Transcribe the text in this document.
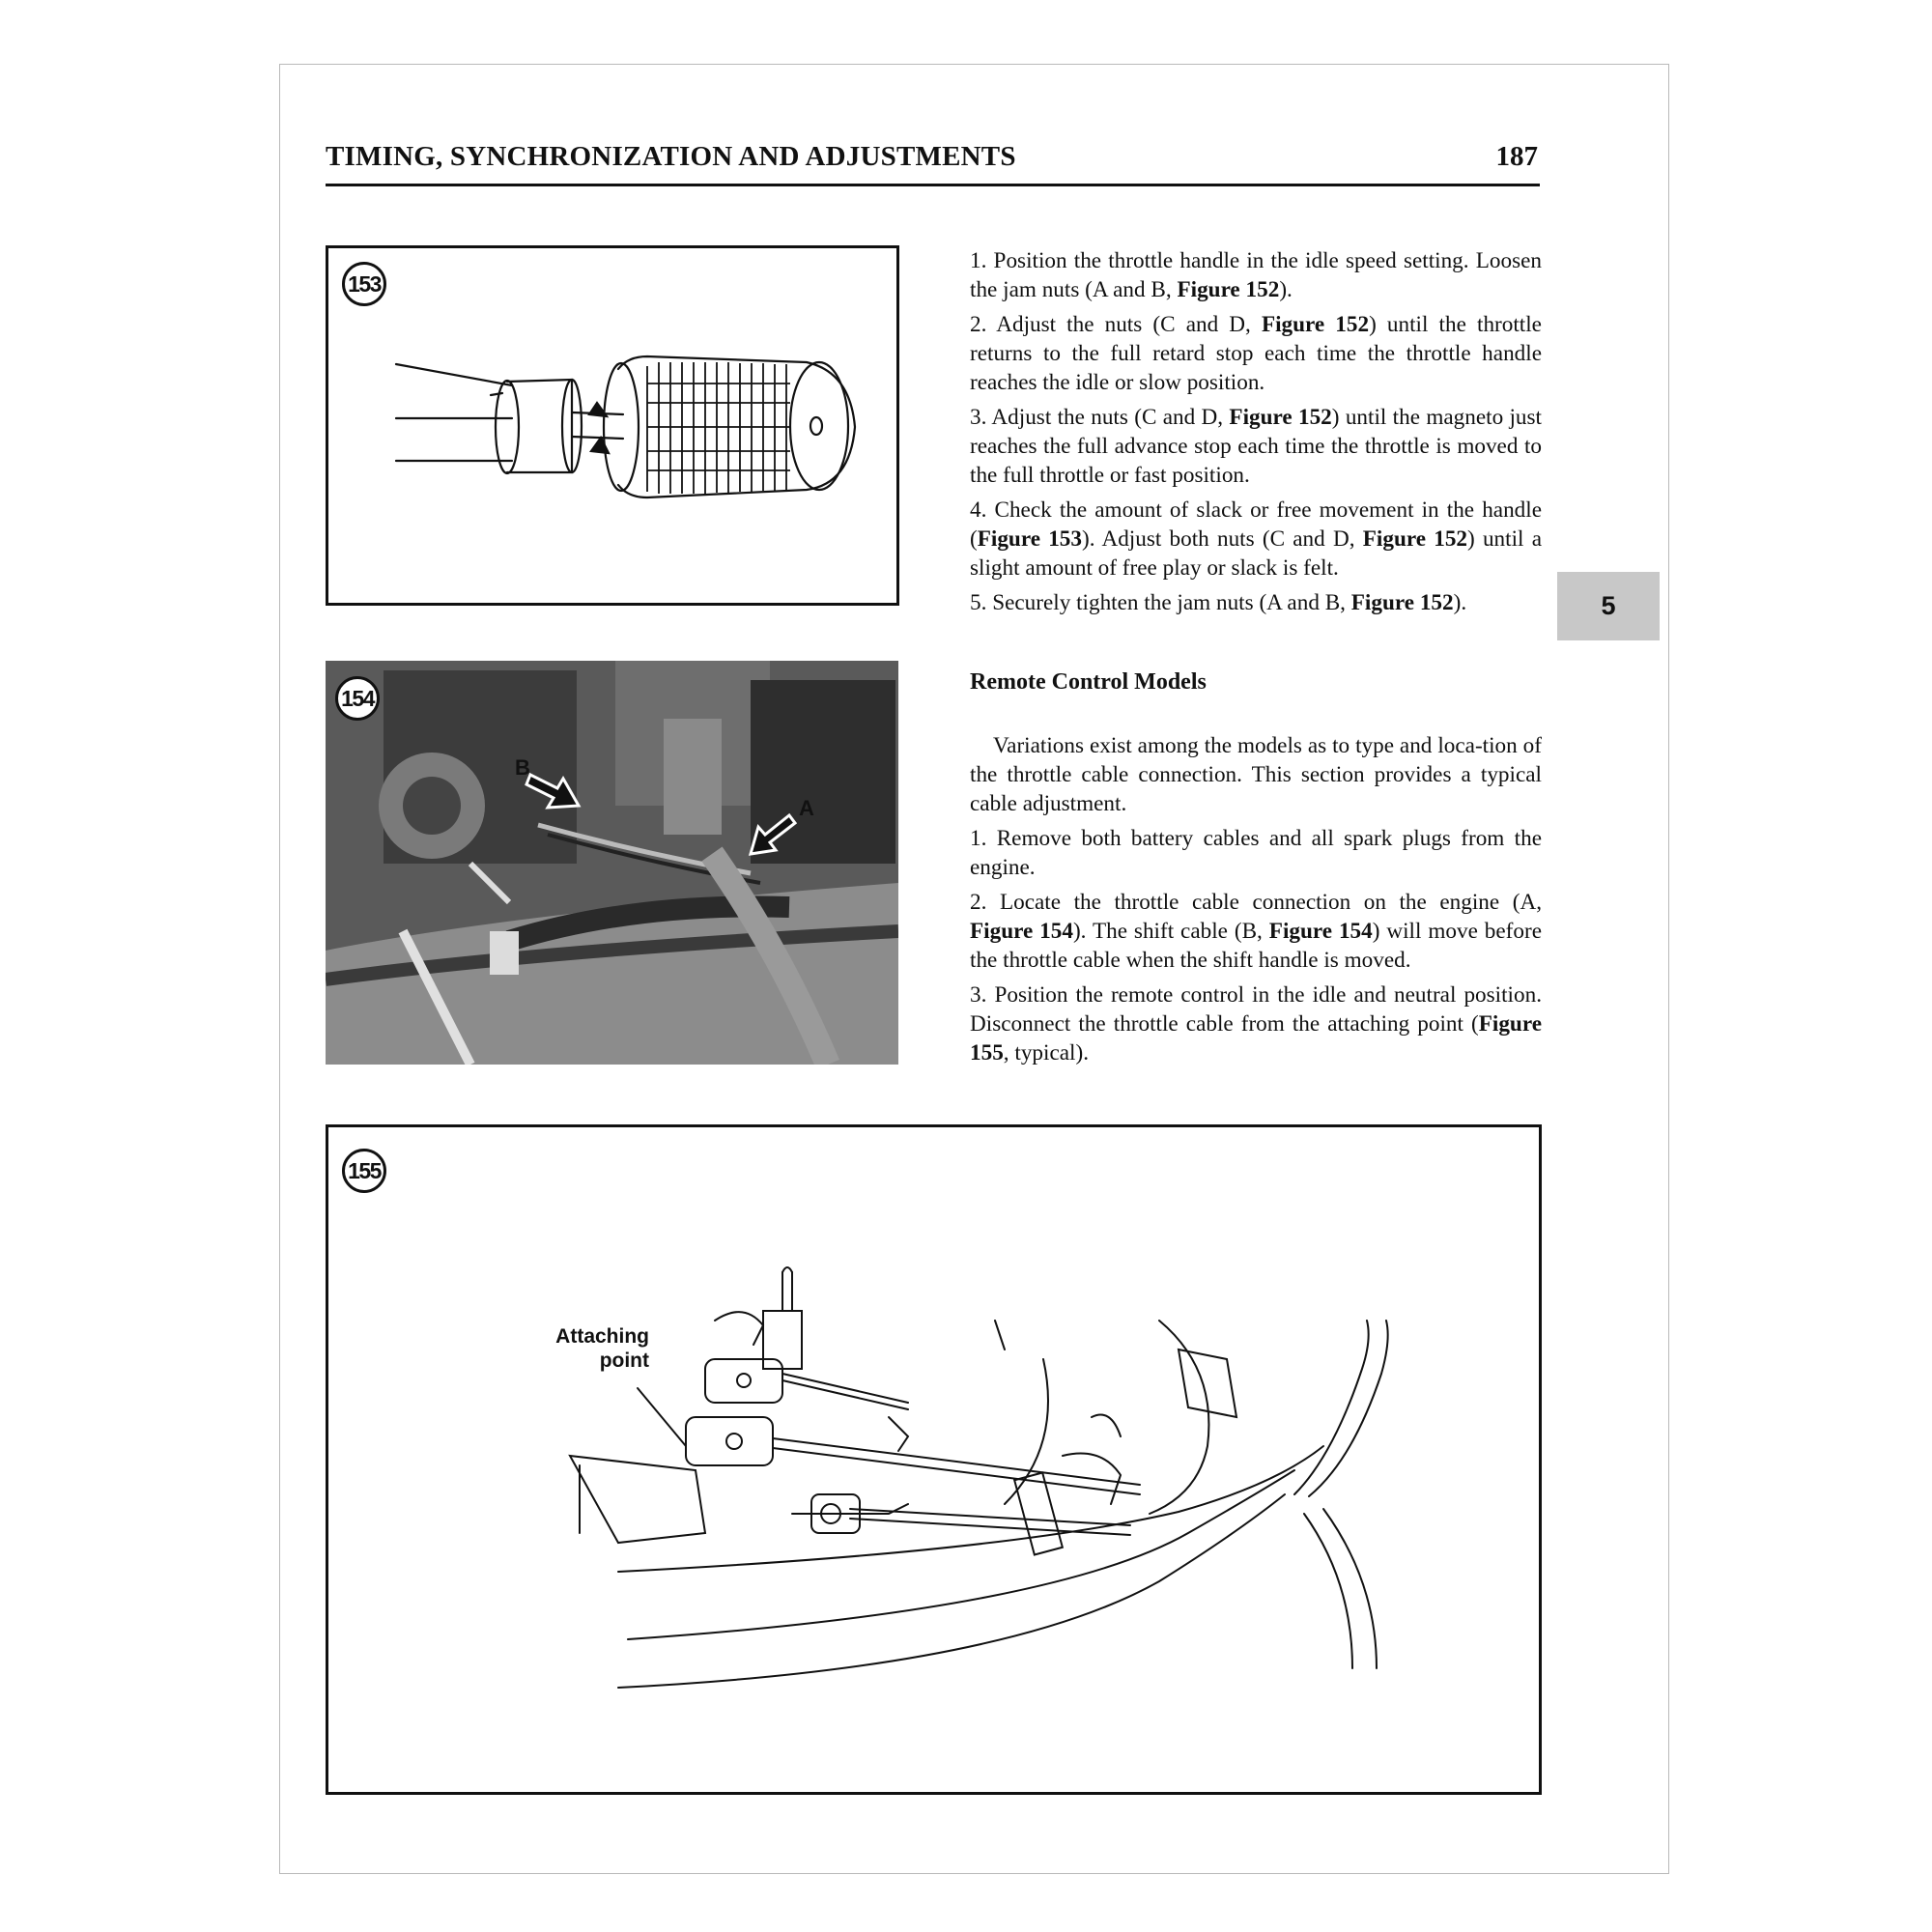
TIMING, SYNCHRONIZATION AND ADJUSTMENTS	187
153
B
A
154
155
Attaching
point

1. Position the throttle handle in the idle speed setting. Loosen the jam nuts (A and B, Figure 152).

2. Adjust the nuts (C and D, Figure 152) until the throttle returns to the full retard stop each time the throttle handle reaches the idle or slow position.

3. Adjust the nuts (C and D, Figure 152) until the magneto just reaches the full advance stop each time the throttle is moved to the full throttle or fast position.

4. Check the amount of slack or free movement in the handle (Figure 153). Adjust both nuts (C and D, Figure 152) until a slight amount of free play or slack is felt.

5. Securely tighten the jam nuts (A and B, Figure 152).	5
Remote Control Models

Variations exist among the models as to type and loca-tion of the throttle cable connection. This section provides a typical cable adjustment.

1. Remove both battery cables and all spark plugs from the engine.

2. Locate the throttle cable connection on the engine (A, Figure 154). The shift cable (B, Figure 154) will move before the throttle cable when the shift handle is moved.

3. Position the remote control in the idle and neutral position. Disconnect the throttle cable from the attaching point (Figure 155, typical).
